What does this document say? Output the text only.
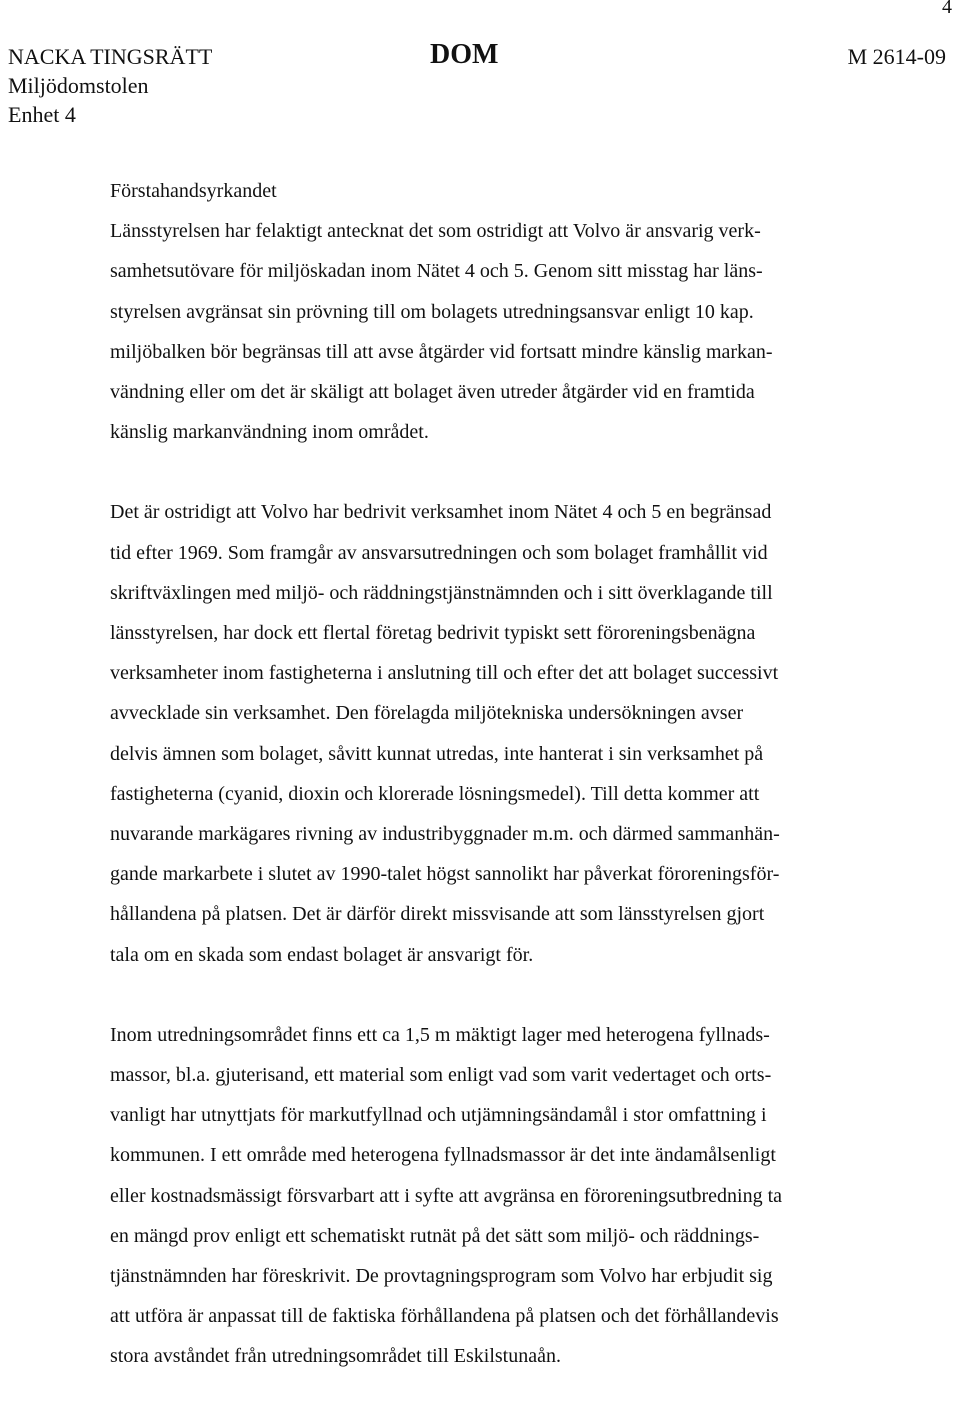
4
NACKA TINGSRÄTT
Miljödomstolen
Enhet 4
DOM	M 2614-09
Förstahandsyrkandet

Länsstyrelsen har felaktigt antecknat det som ostridigt att Volvo är ansvarig verk-
samhetsutövare för miljöskadan inom Nätet 4 och 5. Genom sitt misstag har läns-
styrelsen avgränsat sin prövning till om bolagets utredningsansvar enligt 10 kap.
miljöbalken bör begränsas till att avse åtgärder vid fortsatt mindre känslig markan-
vändning eller om det är skäligt att bolaget även utreder åtgärder vid en framtida
känslig markanvändning inom området.

Det är ostridigt att Volvo har bedrivit verksamhet inom Nätet 4 och 5 en begränsad
tid efter 1969. Som framgår av ansvarsutredningen och som bolaget framhållit vid
skriftväxlingen med miljö- och räddningstjänstnämnden och i sitt överklagande till
länsstyrelsen, har dock ett flertal företag bedrivit typiskt sett föroreningsbenägna
verksamheter inom fastigheterna i anslutning till och efter det att bolaget successivt
avvecklade sin verksamhet. Den förelagda miljötekniska undersökningen avser
delvis ämnen som bolaget, såvitt kunnat utredas, inte hanterat i sin verksamhet på
fastigheterna (cyanid, dioxin och klorerade lösningsmedel). Till detta kommer att
nuvarande markägares rivning av industribyggnader m.m. och därmed sammanhän-
gande markarbete i slutet av 1990-talet högst sannolikt har påverkat föroreningsför-
hållandena på platsen. Det är därför direkt missvisande att som länsstyrelsen gjort
tala om en skada som endast bolaget är ansvarigt för.

Inom utredningsområdet finns ett ca 1,5 m mäktigt lager med heterogena fyllnads-
massor, bl.a. gjuterisand, ett material som enligt vad som varit vedertaget och orts-
vanligt har utnyttjats för markutfyllnad och utjämningsändamål i stor omfattning i
kommunen. I ett område med heterogena fyllnadsmassor är det inte ändamålsenligt
eller kostnadsmässigt försvarbart att i syfte att avgränsa en föroreningsutbredning ta
en mängd prov enligt ett schematiskt rutnät på det sätt som miljö- och räddnings-
tjänstnämnden har föreskrivit. De provtagningsprogram som Volvo har erbjudit sig
att utföra är anpassat till de faktiska förhållandena på platsen och det förhållandevis
stora avståndet från utredningsområdet till Eskilstunaån.
